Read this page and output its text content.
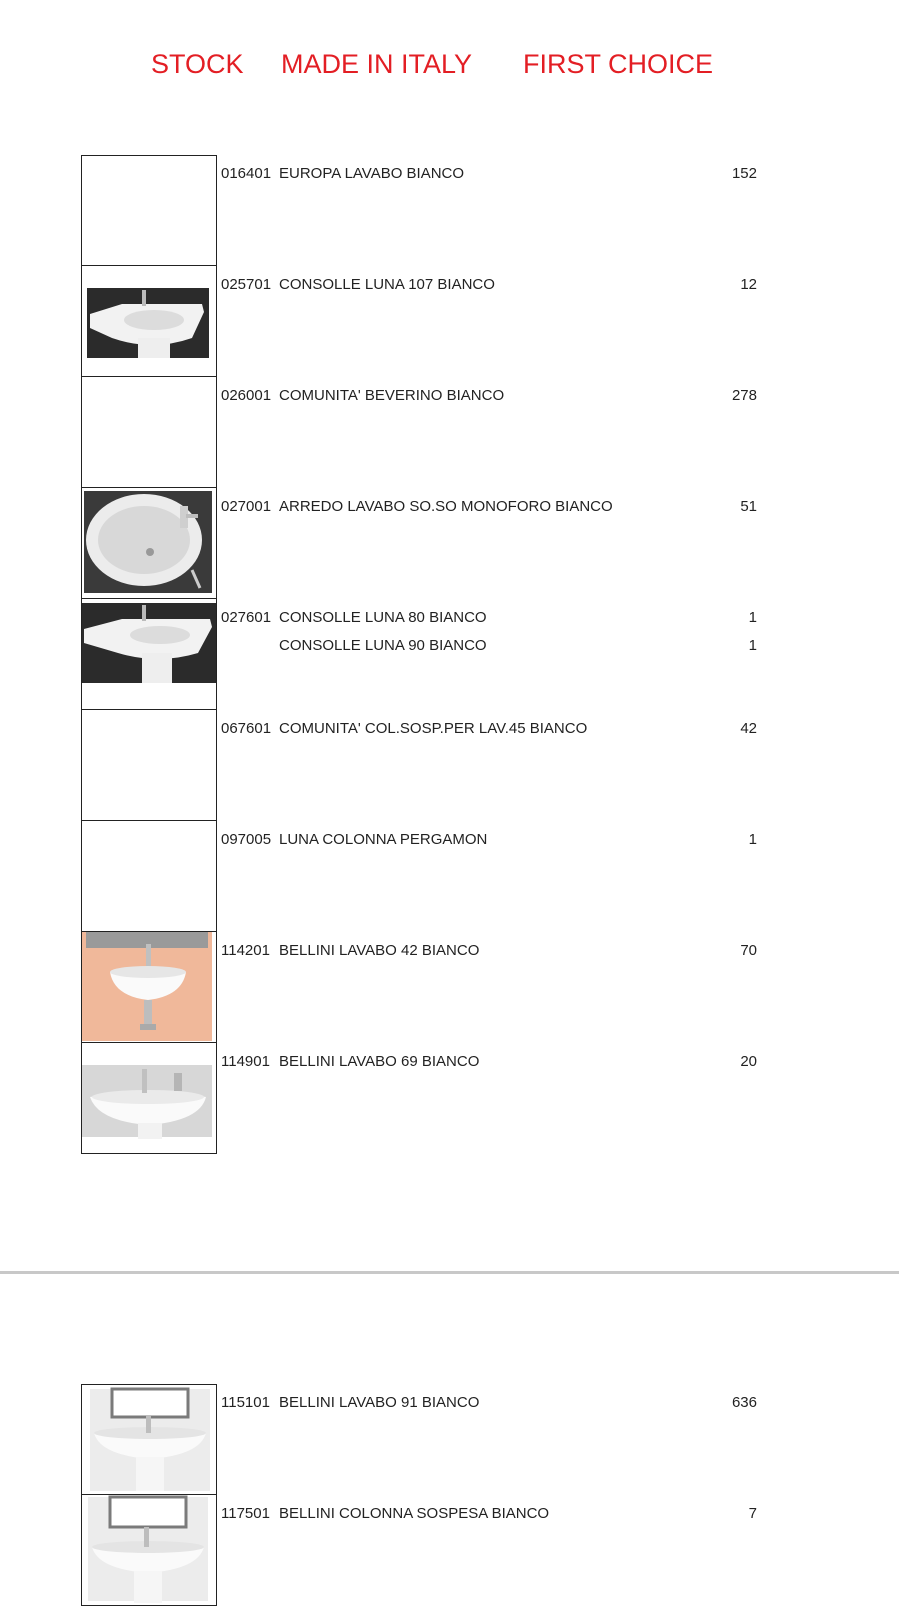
STOCK MADE IN ITALY FIRST CHOICE
016401 EUROPA LAVABO BIANCO	152
025701 CONSOLLE LUNA 107 BIANCO	12
026001 COMUNITA' BEVERINO BIANCO	278
027001 ARREDO LAVABO SO.SO MONOFORO BIANCO	51
027601 CONSOLLE LUNA 80 BIANCO	1
CONSOLLE LUNA 90 BIANCO	1
067601 COMUNITA' COL.SOSP.PER LAV.45 BIANCO	42
097005 LUNA COLONNA PERGAMON	1
114201 BELLINI LAVABO 42 BIANCO	70
114901 BELLINI LAVABO 69 BIANCO	20
115101 BELLINI LAVABO 91 BIANCO	636
117501 BELLINI COLONNA SOSPESA BIANCO	7
